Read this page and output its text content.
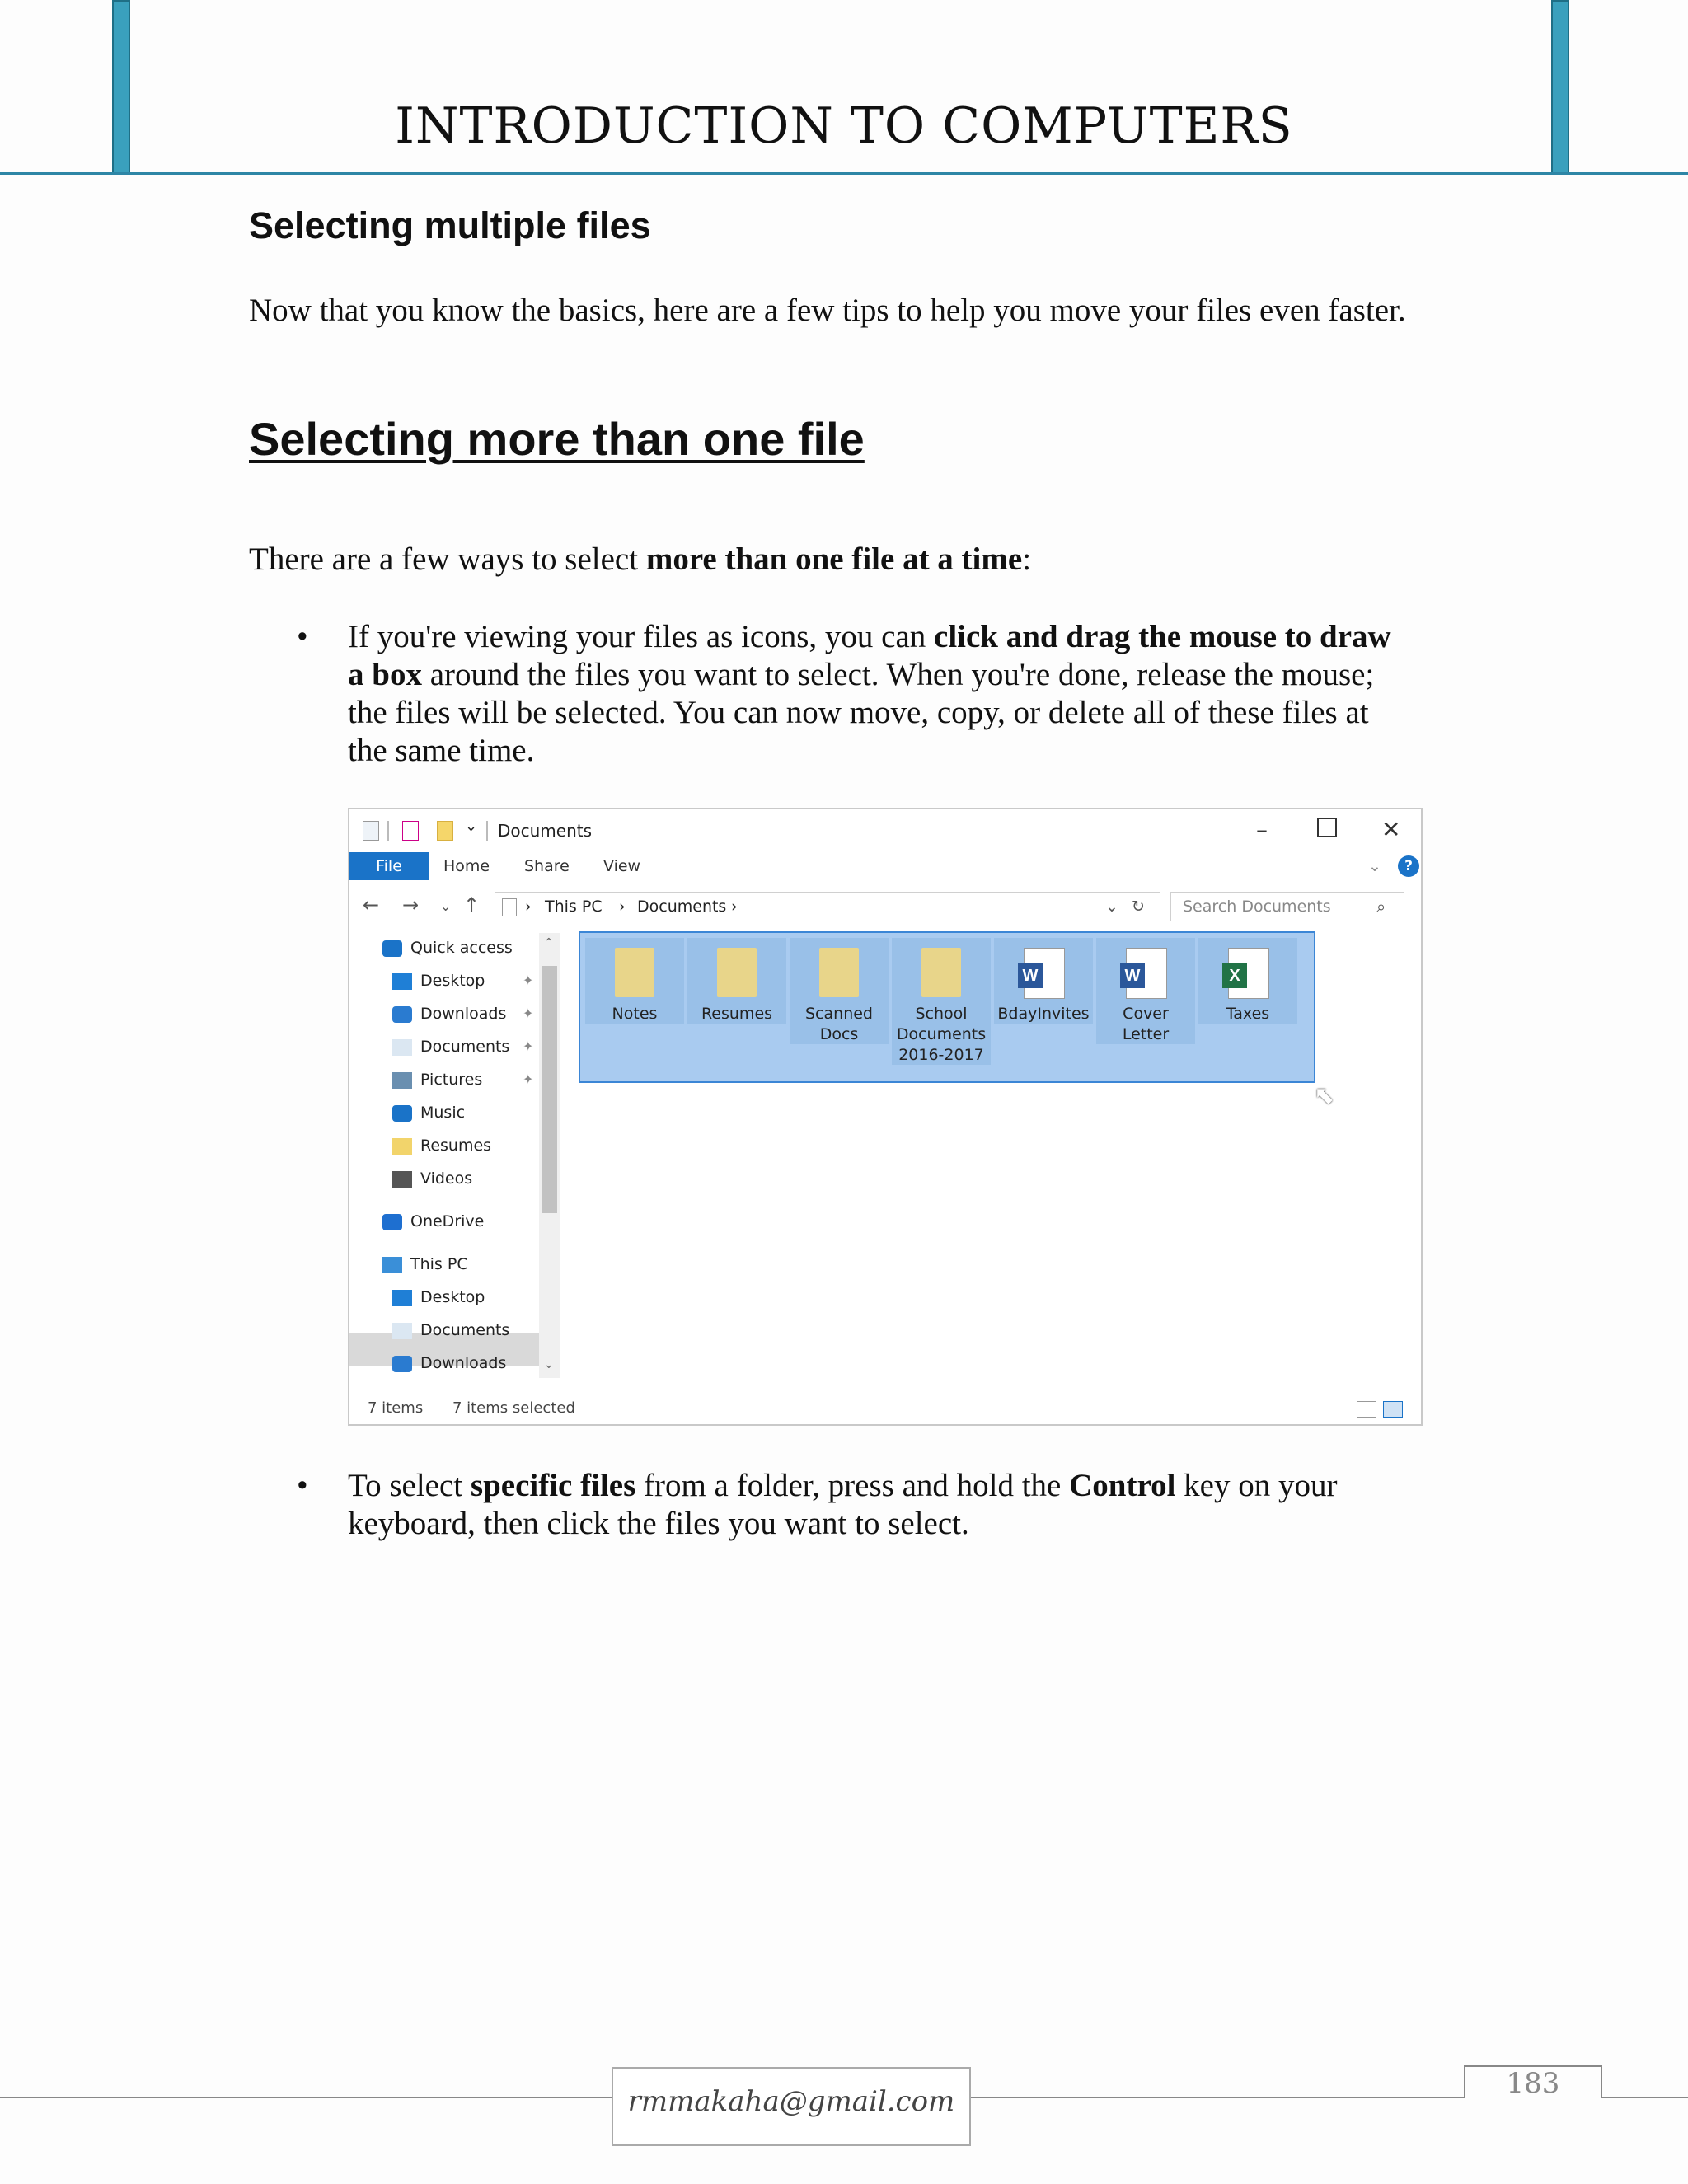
INTRODUCTION TO COMPUTERS
Selecting multiple files
Now that you know the basics, here are a few tips to help you move your files even faster.
Selecting more than one file
There are a few ways to select more than one file at a time:
• If you're viewing your files as icons, you can click and drag the mouse to draw
a box around the files you want to select. When you're done, release the mouse;
the files will be selected. You can now move, copy, or delete all of these files at
the same time.
⌄ Documents	–	✕
File	Home Share View	⌄	?
← → ⌄ ↑	› This PC › Documents ›	⌄ ↻	Search Documents	⌕
Quick access
Desktop	✦
Downloads ✦
Documents ✦
Pictures	✦
Music
Resumes
Videos
OneDrive
This PC
Desktop
Documents
Downloads
⌃
⌄
Notes	Resumes	Scanned
Docs
School
Documents
2016-2017
W
BdayInvites
W
Cover
Letter
X
Taxes
⬉
7 items 7 items selected
• To select specific files from a folder, press and hold the Control key on your
keyboard, then click the files you want to select.
rmmakaha@gmail.com
183
